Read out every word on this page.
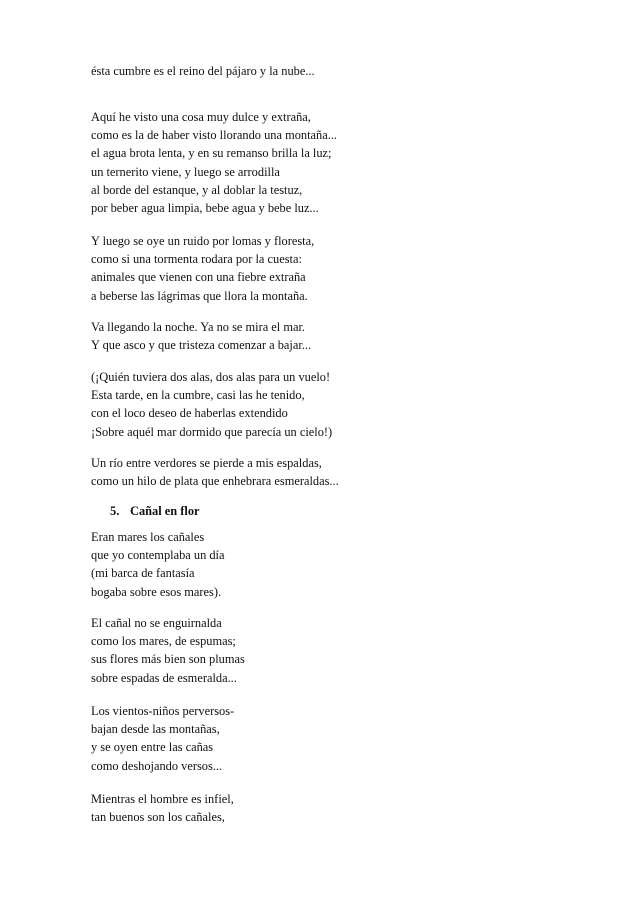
ésta cumbre es el reino del pájaro y la nube...
Aquí he visto una cosa muy dulce y extraña,
como es la de haber visto llorando una montaña...
el agua brota lenta, y en su remanso brilla la luz;
un ternerito viene, y luego se arrodilla
al borde del estanque, y al doblar la testuz,
por beber agua limpia, bebe agua y bebe luz...
Y luego se oye un ruido por lomas y floresta,
como si una tormenta rodara por la cuesta:
animales que vienen con una fiebre extraña
a beberse las lágrimas que llora la montaña.
Va llegando la noche. Ya no se mira el mar.
Y que asco y que tristeza comenzar a bajar...
(¡Quién tuviera dos alas, dos alas para un vuelo!
Esta tarde, en la cumbre, casi las he tenido,
con el loco deseo de haberlas extendido
¡Sobre aquél mar dormido que parecía un cielo!)
Un río entre verdores se pierde a mis espaldas,
como un hilo de plata que enhebrara esmeraldas...
5. Cañal en flor
Eran mares los cañales
que yo contemplaba un día
(mi barca de fantasía
bogaba sobre esos mares).
El cañal no se enguirnalda
como los mares, de espumas;
sus flores más bien son plumas
sobre espadas de esmeralda...
Los vientos-niños perversos-
bajan desde las montañas,
y se oyen entre las cañas
como deshojando versos...
Mientras el hombre es infiel,
tan buenos son los cañales,
